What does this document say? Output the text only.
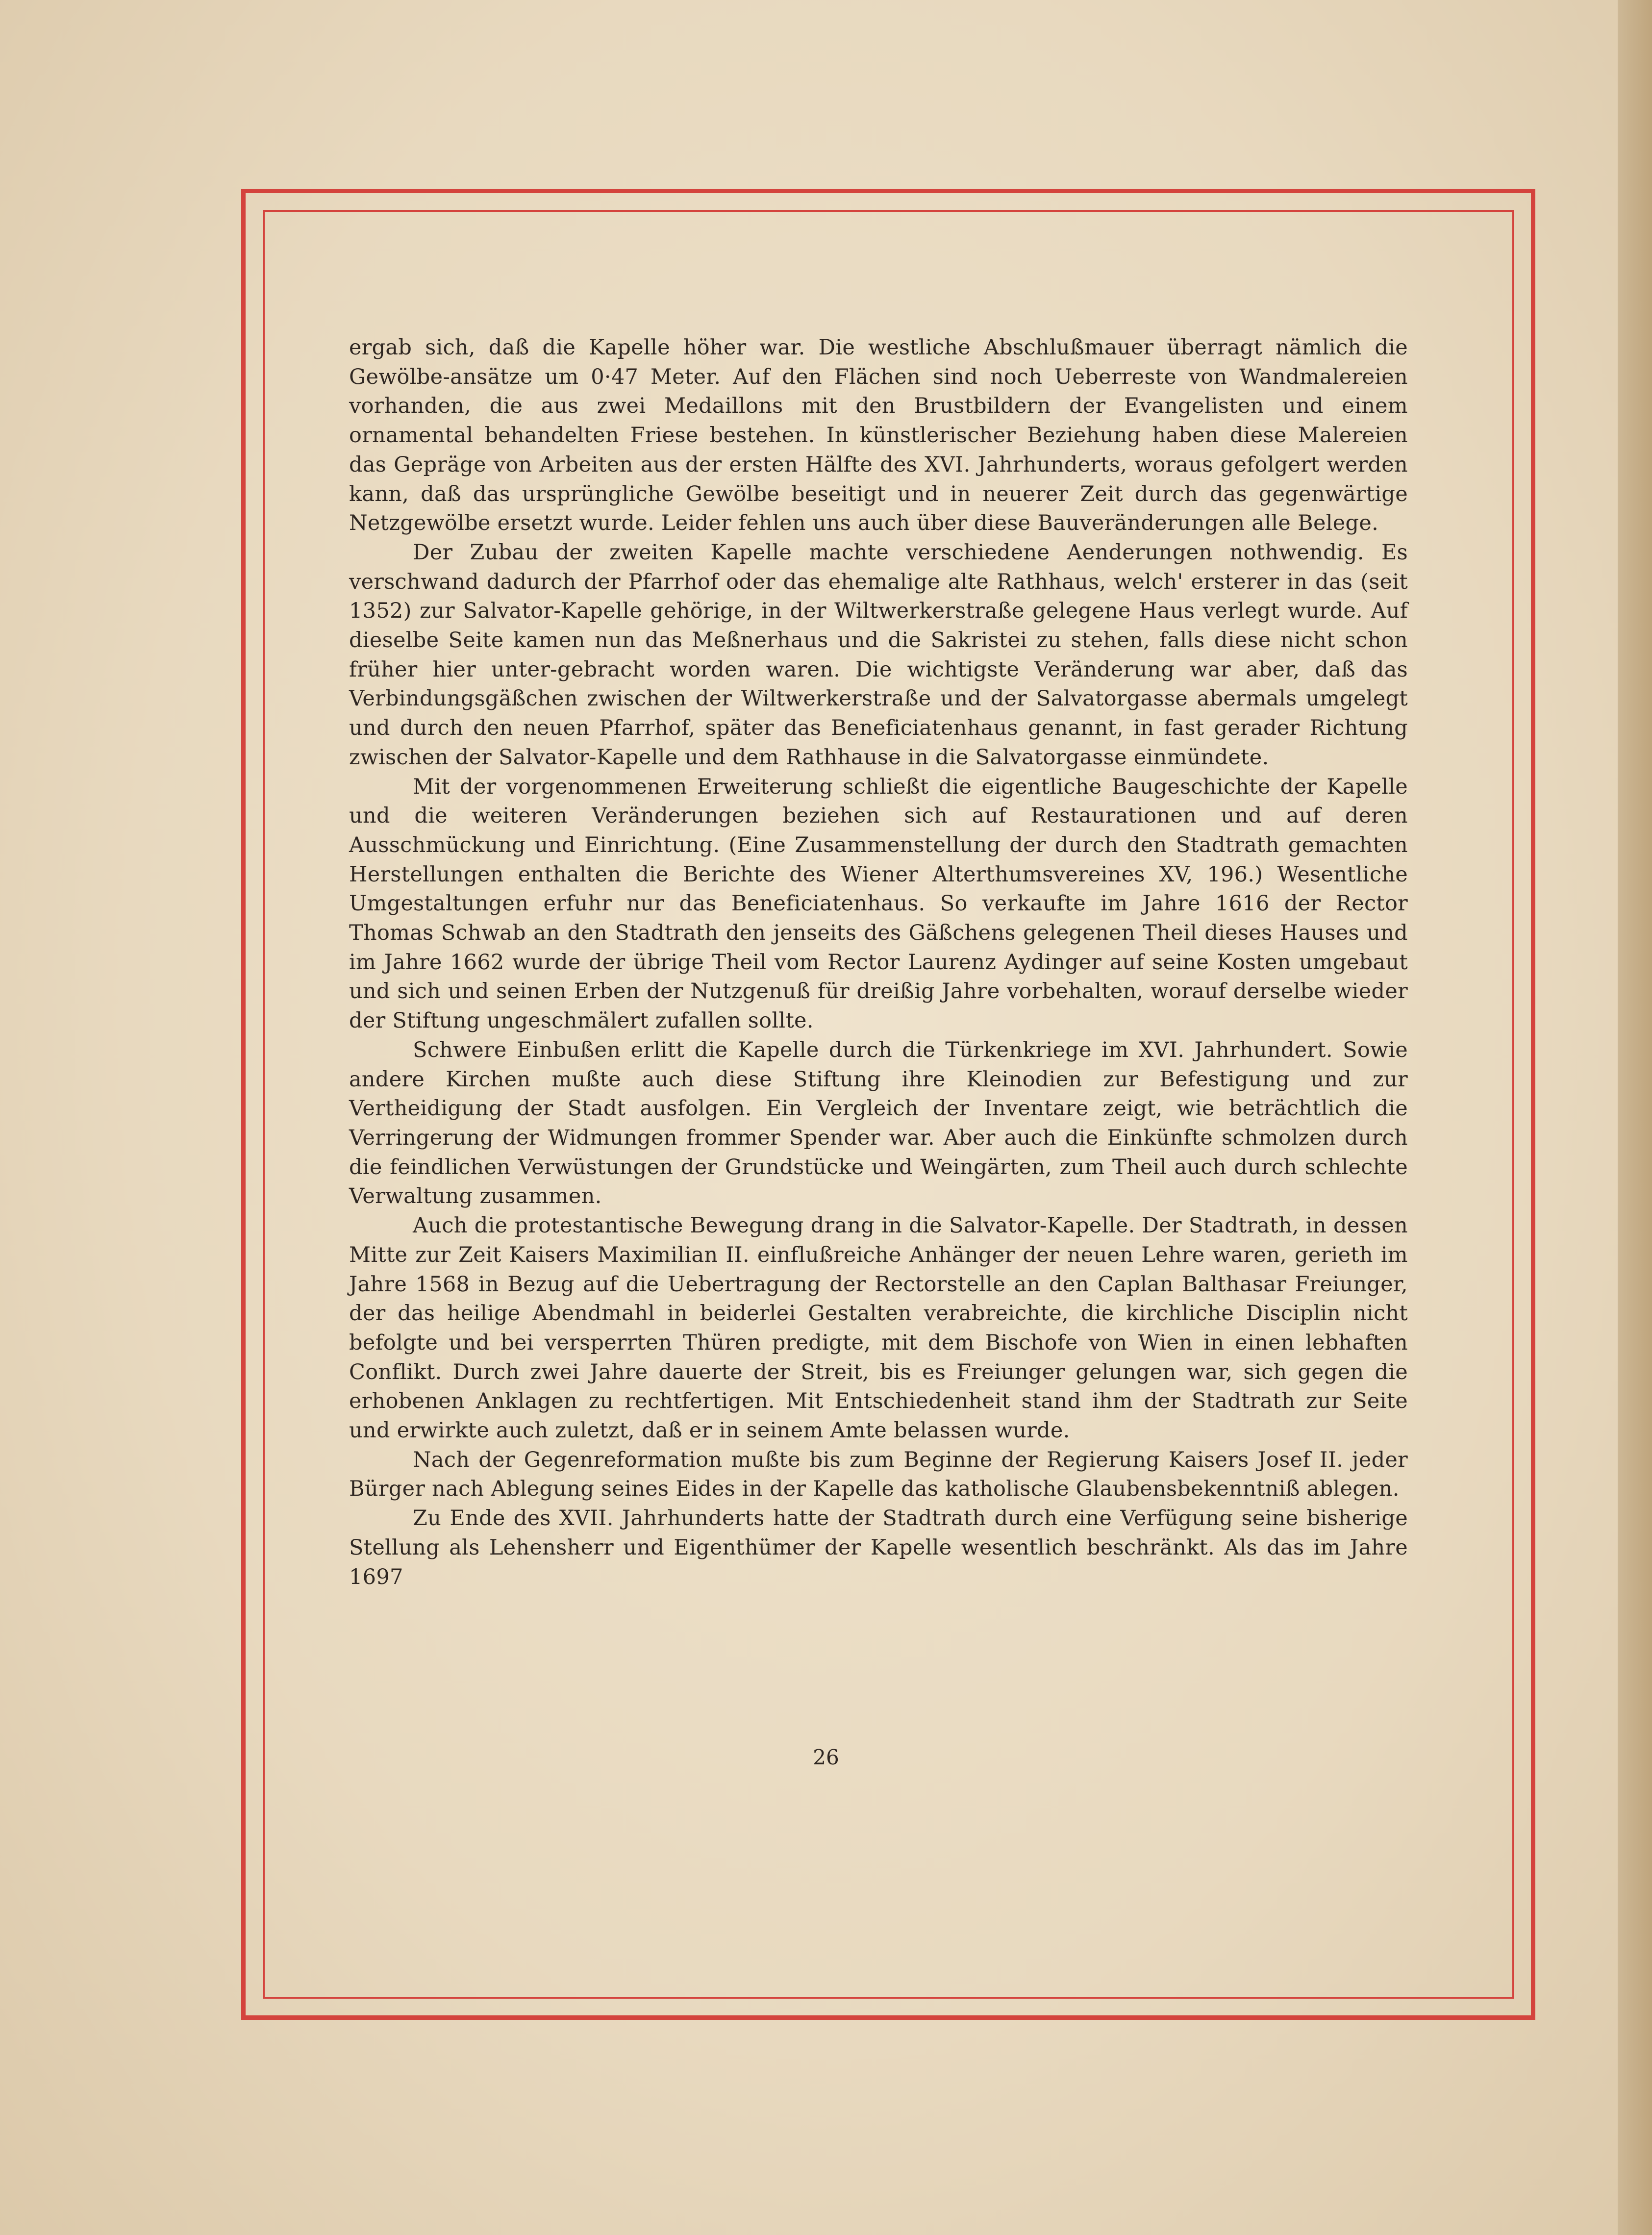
ergab sich, daß die Kapelle höher war. Die westliche Abschlußmauer überragt nämlich die Gewölbe-ansätze um 0·47 Meter. Auf den Flächen sind noch Ueberreste von Wandmalereien vorhanden, die aus zwei Medaillons mit den Brustbildern der Evangelisten und einem ornamental behandelten Friese bestehen. In künstlerischer Beziehung haben diese Malereien das Gepräge von Arbeiten aus der ersten Hälfte des XVI. Jahrhunderts, woraus gefolgert werden kann, daß das ursprüngliche Gewölbe beseitigt und in neuerer Zeit durch das gegenwärtige Netzgewölbe ersetzt wurde. Leider fehlen uns auch über diese Bauveränderungen alle Belege.

Der Zubau der zweiten Kapelle machte verschiedene Aenderungen nothwendig. Es verschwand dadurch der Pfarrhof oder das ehemalige alte Rathhaus, welch' ersterer in das (seit 1352) zur Salvator-Kapelle gehörige, in der Wiltwerkerstraße gelegene Haus verlegt wurde. Auf dieselbe Seite kamen nun das Meßnerhaus und die Sakristei zu stehen, falls diese nicht schon früher hier unter-gebracht worden waren. Die wichtigste Veränderung war aber, daß das Verbindungsgäßchen zwischen der Wiltwerkerstraße und der Salvatorgasse abermals umgelegt und durch den neuen Pfarrhof, später das Beneficiatenhaus genannt, in fast gerader Richtung zwischen der Salvator-Kapelle und dem Rathhause in die Salvatorgasse einmündete.

Mit der vorgenommenen Erweiterung schließt die eigentliche Baugeschichte der Kapelle und die weiteren Veränderungen beziehen sich auf Restaurationen und auf deren Ausschmückung und Einrichtung. (Eine Zusammenstellung der durch den Stadtrath gemachten Herstellungen enthalten die Berichte des Wiener Alterthumsvereines XV, 196.) Wesentliche Umgestaltungen erfuhr nur das Beneficiatenhaus. So verkaufte im Jahre 1616 der Rector Thomas Schwab an den Stadtrath den jenseits des Gäßchens gelegenen Theil dieses Hauses und im Jahre 1662 wurde der übrige Theil vom Rector Laurenz Aydinger auf seine Kosten umgebaut und sich und seinen Erben der Nutzgenuß für dreißig Jahre vorbehalten, worauf derselbe wieder der Stiftung ungeschmälert zufallen sollte.

Schwere Einbußen erlitt die Kapelle durch die Türkenkriege im XVI. Jahrhundert. Sowie andere Kirchen mußte auch diese Stiftung ihre Kleinodien zur Befestigung und zur Vertheidigung der Stadt ausfolgen. Ein Vergleich der Inventare zeigt, wie beträchtlich die Verringerung der Widmungen frommer Spender war. Aber auch die Einkünfte schmolzen durch die feindlichen Verwüstungen der Grundstücke und Weingärten, zum Theil auch durch schlechte Verwaltung zusammen.

Auch die protestantische Bewegung drang in die Salvator-Kapelle. Der Stadtrath, in dessen Mitte zur Zeit Kaisers Maximilian II. einflußreiche Anhänger der neuen Lehre waren, gerieth im Jahre 1568 in Bezug auf die Uebertragung der Rectorstelle an den Caplan Balthasar Freiunger, der das heilige Abendmahl in beiderlei Gestalten verabreichte, die kirchliche Disciplin nicht befolgte und bei versperrten Thüren predigte, mit dem Bischofe von Wien in einen lebhaften Conflikt. Durch zwei Jahre dauerte der Streit, bis es Freiunger gelungen war, sich gegen die erhobenen Anklagen zu rechtfertigen. Mit Entschiedenheit stand ihm der Stadtrath zur Seite und erwirkte auch zuletzt, daß er in seinem Amte belassen wurde.

Nach der Gegenreformation mußte bis zum Beginne der Regierung Kaisers Josef II. jeder Bürger nach Ablegung seines Eides in der Kapelle das katholische Glaubensbekenntniß ablegen.

Zu Ende des XVII. Jahrhunderts hatte der Stadtrath durch eine Verfügung seine bisherige Stellung als Lehensherr und Eigenthümer der Kapelle wesentlich beschränkt. Als das im Jahre 1697

26
